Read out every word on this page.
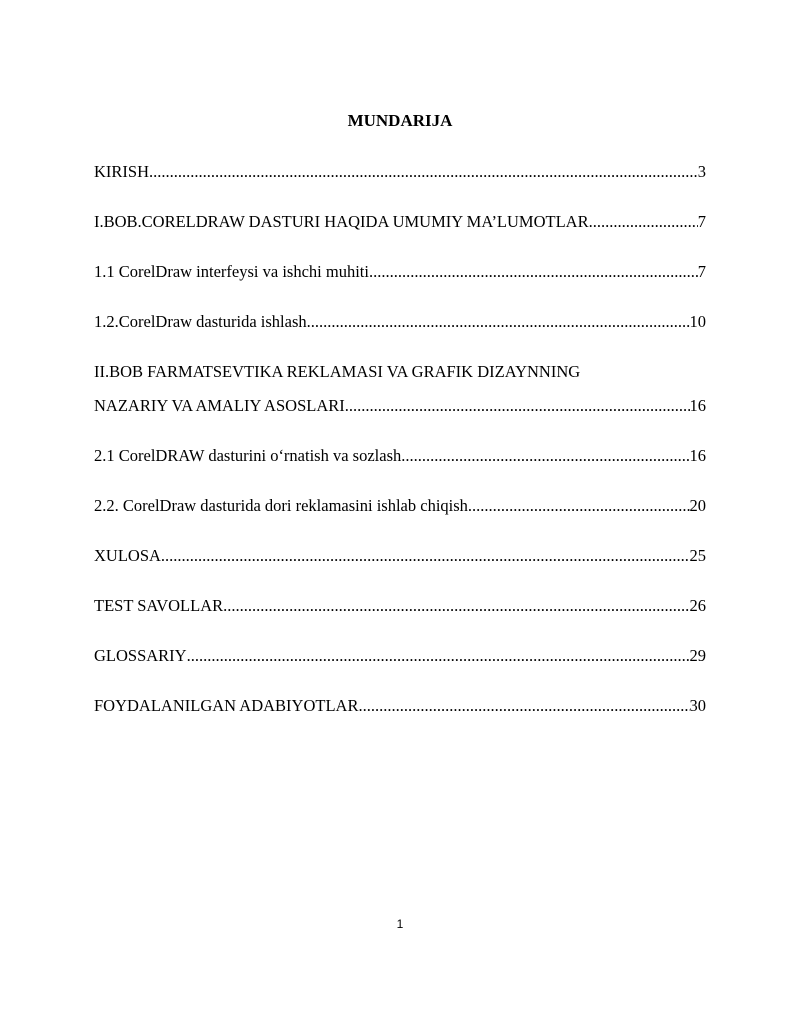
MUNDARIJA
KIRISH .....	3
I.BOB.CORELDRAW DASTURI HAQIDA UMUMIY MA’LUMOTLAR .....	7
1.1 CorelDraw interfeysi va ishchi muhiti .....	7
1.2.CorelDraw dasturida ishlash .....	10
II.BOB FARMATSEVTIKA REKLAMASI VA GRAFIK DIZAYNNING
NAZARIY VA AMALIY ASOSLARI .....	16
2.1 CorelDRAW dasturini o‘rnatish va sozlash .....	16
2.2. CorelDraw dasturida dori reklamasini ishlab chiqish .....	20
XULOSA .....	25
TEST SAVOLLAR .....	26
GLOSSARIY .....	29
FOYDALANILGAN ADABIYOTLAR .....	30
1
